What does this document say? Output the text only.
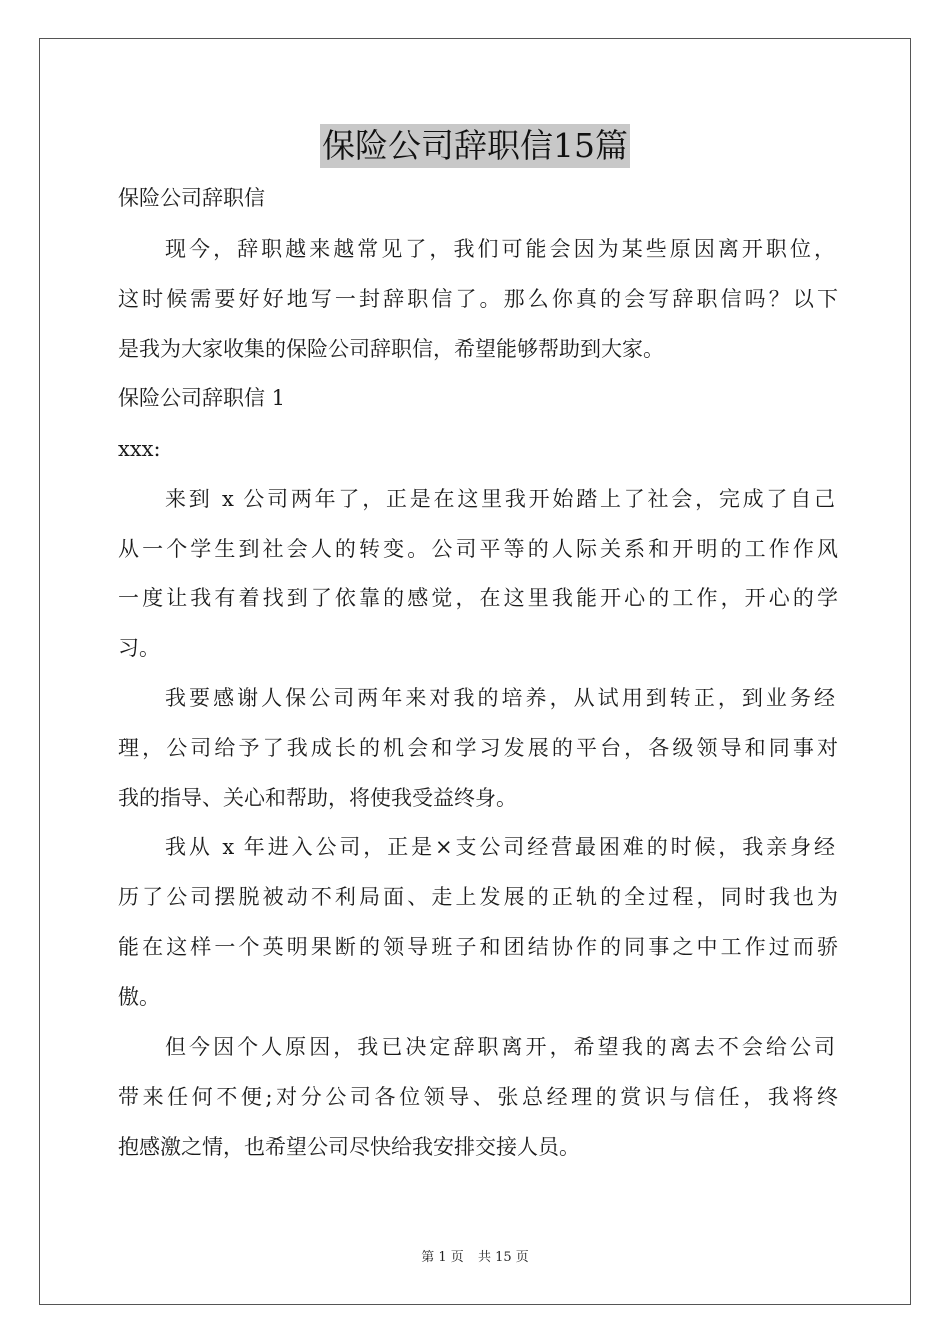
保险公司辞职信15篇
保险公司辞职信
现今，辞职越来越常见了，我们可能会因为某些原因离开职位，
这时候需要好好地写一封辞职信了。那么你真的会写辞职信吗？以下
是我为大家收集的保险公司辞职信，希望能够帮助到大家。
保险公司辞职信 1
xxx:
来到 x 公司两年了，正是在这里我开始踏上了社会，完成了自己
从一个学生到社会人的转变。公司平等的人际关系和开明的工作作风
一度让我有着找到了依靠的感觉，在这里我能开心的工作，开心的学
习。
我要感谢人保公司两年来对我的培养，从试用到转正，到业务经
理，公司给予了我成长的机会和学习发展的平台，各级领导和同事对
我的指导、关心和帮助，将使我受益终身。
我从 x 年进入公司，正是×支公司经营最困难的时候，我亲身经
历了公司摆脱被动不利局面、走上发展的正轨的全过程，同时我也为
能在这样一个英明果断的领导班子和团结协作的同事之中工作过而骄
傲。
但今因个人原因，我已决定辞职离开，希望我的离去不会给公司
带来任何不便;对分公司各位领导、张总经理的赏识与信任，我将终
抱感激之情，也希望公司尽快给我安排交接人员。
第 1 页 共 15 页
